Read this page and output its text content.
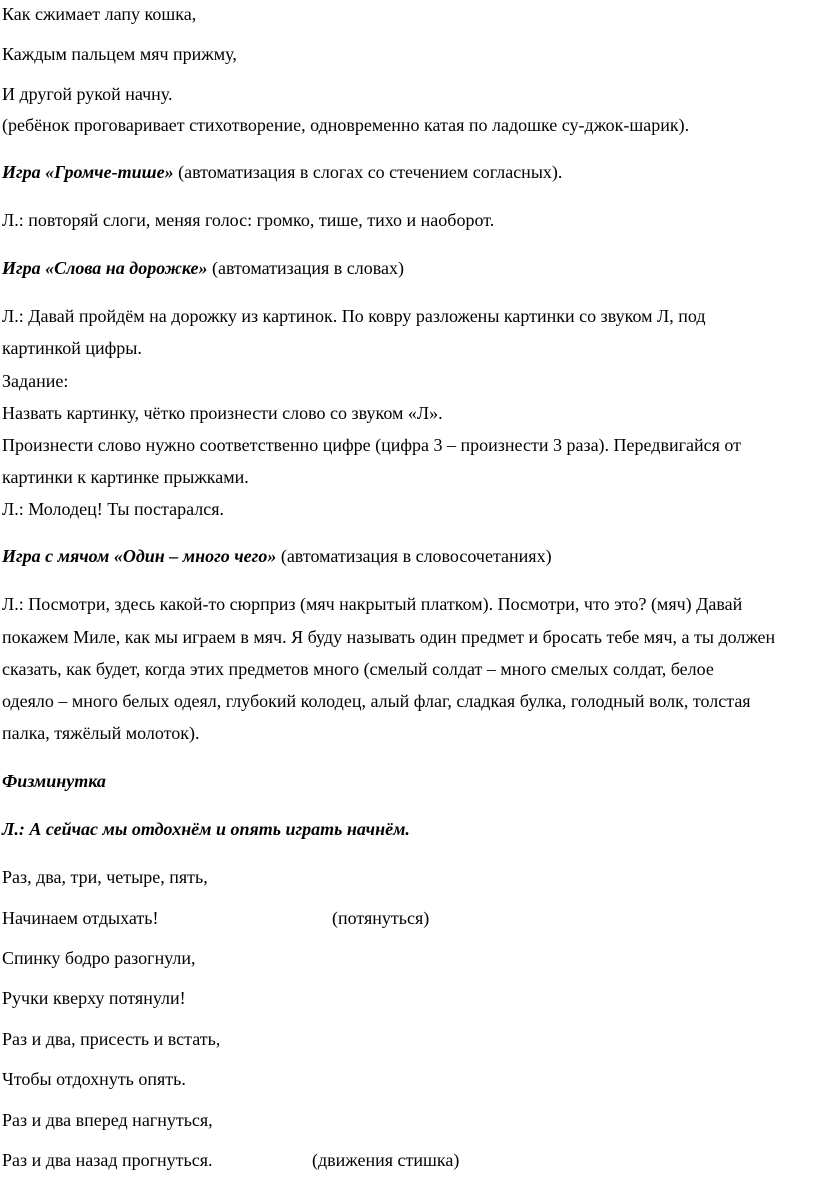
Как сжимает лапу кошка,
Каждым пальцем мяч прижму,
И другой рукой начну.
(ребёнок проговаривает стихотворение, одновременно катая по ладошке су-джок-шарик).
Игра «Громче-тише» (автоматизация в слогах со стечением согласных).
Л.: повторяй слоги, меняя голос: громко, тише, тихо и наоборот.
Игра «Слова на дорожке» (автоматизация в словах)
Л.: Давай пройдём на дорожку из картинок. По ковру разложены картинки со звуком Л, под
картинкой цифры.
Задание:
Назвать картинку, чётко произнести слово со звуком «Л».
Произнести слово нужно соответственно цифре (цифра 3 – произнести 3 раза). Передвигайся от
картинки к картинке прыжками.
Л.: Молодец! Ты постарался.
Игра с мячом «Один – много чего» (автоматизация в словосочетаниях)
Л.: Посмотри, здесь какой-то сюрприз (мяч накрытый платком). Посмотри, что это? (мяч) Давай
покажем Миле, как мы играем в мяч. Я буду называть один предмет и бросать тебе мяч, а ты должен
сказать, как будет, когда этих предметов много (смелый солдат – много смелых солдат, белое
одеяло – много белых одеял, глубокий колодец, алый флаг, сладкая булка, голодный волк, толстая
палка, тяжёлый молоток).
Физминутка
Л.: А сейчас мы отдохнём и опять играть начнём.
Раз, два, три, четыре, пять,
Начинаем отдыхать!	(потянуться)
Спинку бодро разогнули,
Ручки кверху потянули!
Раз и два, присесть и встать,
Чтобы отдохнуть опять.
Раз и два вперед нагнуться,
Раз и два назад прогнуться.	(движения стишка)
